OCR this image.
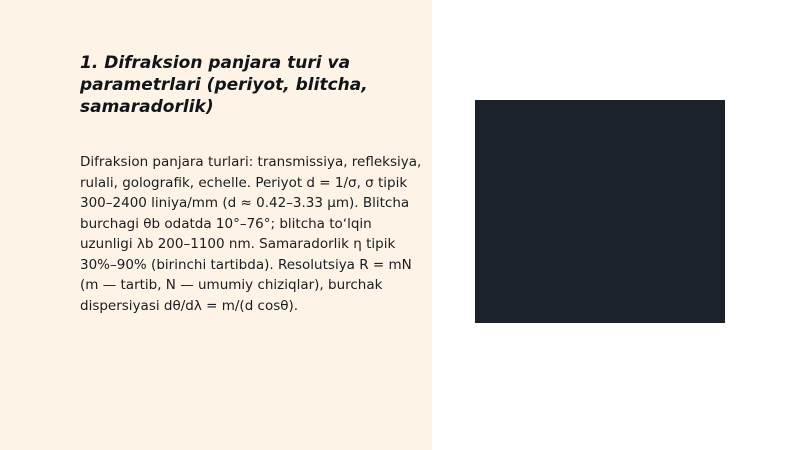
1. Difraksion panjara turi va parametrlari (periyot, blitcha, samaradorlik)

Difraksion panjara turlari: transmissiya, refleksiya, rulali, golografik, echelle. Periyot d = 1/σ, σ tipik 300–2400 liniya/mm (d ≈ 0.42–3.33 μm). Blitcha burchagi θb odatda 10°–76°; blitcha toʻlqin uzunligi λb 200–1100 nm. Samaradorlik η tipik 30%–90% (birinchi tartibda). Resolutsiya R = mN (m — tartib, N — umumiy chiziqlar), burchak dispersiyasi dθ/dλ = m/(d cosθ).
